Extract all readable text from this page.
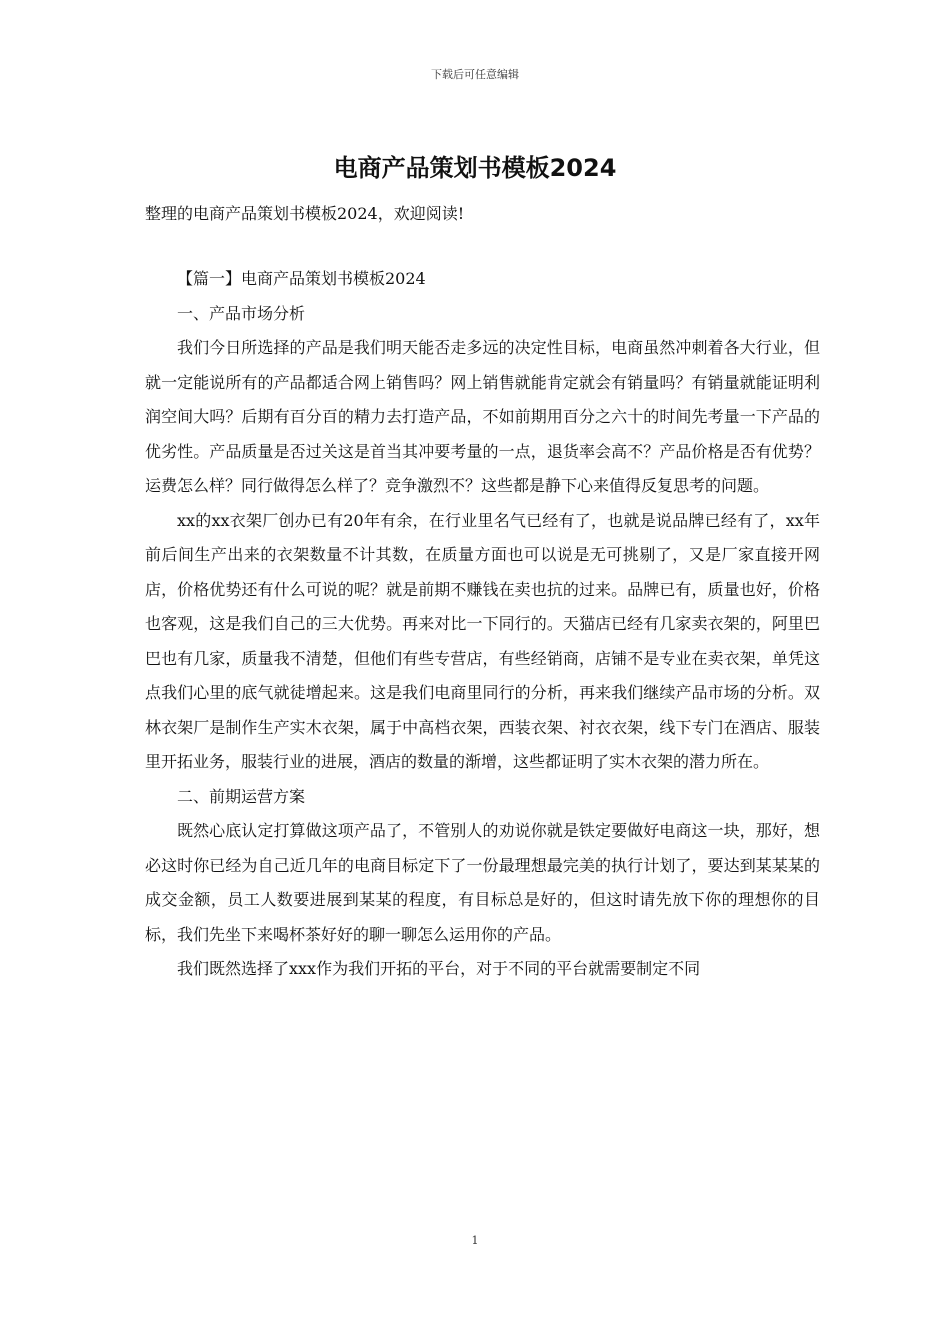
下载后可任意编辑
电商产品策划书模板2024
整理的电商产品策划书模板2024，欢迎阅读!

【篇一】电商产品策划书模板2024

一、产品市场分析

我们今日所选择的产品是我们明天能否走多远的决定性目标，电商虽然冲刺着各大行业，但就一定能说所有的产品都适合网上销售吗？网上销售就能肯定就会有销量吗？有销量就能证明利润空间大吗？后期有百分百的精力去打造产品，不如前期用百分之六十的时间先考量一下产品的优劣性。产品质量是否过关这是首当其冲要考量的一点，退货率会高不？产品价格是否有优势？运费怎么样？同行做得怎么样了？竞争激烈不？这些都是静下心来值得反复思考的问题。

xx的xx衣架厂创办已有20年有余，在行业里名气已经有了，也就是说品牌已经有了，xx年前后间生产出来的衣架数量不计其数，在质量方面也可以说是无可挑剔了，又是厂家直接开网店，价格优势还有什么可说的呢？就是前期不赚钱在卖也抗的过来。品牌已有，质量也好，价格也客观，这是我们自己的三大优势。再来对比一下同行的。天猫店已经有几家卖衣架的，阿里巴巴也有几家，质量我不清楚，但他们有些专营店，有些经销商，店铺不是专业在卖衣架，单凭这点我们心里的底气就徒增起来。这是我们电商里同行的分析，再来我们继续产品市场的分析。双林衣架厂是制作生产实木衣架，属于中高档衣架，西装衣架、衬衣衣架，线下专门在酒店、服装里开拓业务，服装行业的进展，酒店的数量的渐增，这些都证明了实木衣架的潜力所在。

二、前期运营方案

既然心底认定打算做这项产品了，不管别人的劝说你就是铁定要做好电商这一块，那好，想必这时你已经为自己近几年的电商目标定下了一份最理想最完美的执行计划了，要达到某某某的成交金额，员工人数要进展到某某的程度，有目标总是好的，但这时请先放下你的理想你的目标，我们先坐下来喝杯茶好好的聊一聊怎么运用你的产品。

我们既然选择了xxx作为我们开拓的平台，对于不同的平台就需要制定不同

1
